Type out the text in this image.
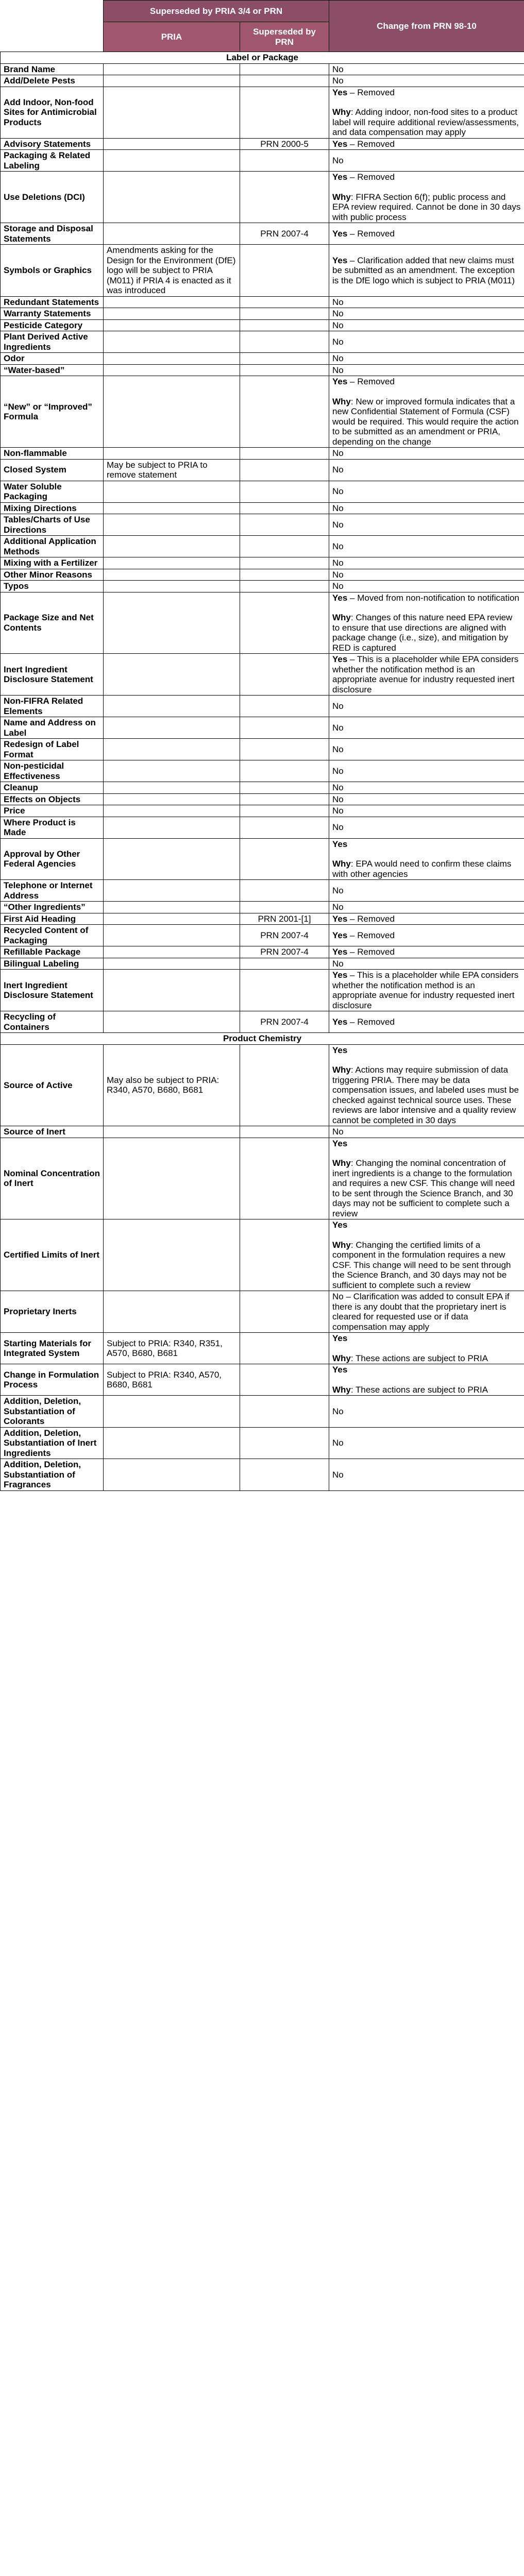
	Superseded by PRIA 3/4 or PRN		Change from PRN 98-10
	PRIA	Superseded by PRN	
Label or Package			
Brand Name			No
Add/Delete Pests			No
Add Indoor, Non-food Sites for Antimicrobial Products			Yes – Removed
Why: Adding indoor, non-food sites to a product label will require additional review/assessments, and data compensation may apply
Advisory Statements		PRN 2000-5	Yes – Removed
Packaging & Related Labeling			No
Use Deletions (DCI)			Yes – Removed
Why: FIFRA Section 6(f); public process and EPA review required. Cannot be done in 30 days with public process
Storage and Disposal Statements		PRN 2007-4	Yes – Removed
Symbols or Graphics	Amendments asking for the Design for the Environment (DfE) logo will be subject to PRIA (M011) if PRIA 4 is enacted as it was introduced		Yes – Clarification added that new claims must be submitted as an amendment. The exception is the DfE logo which is subject to PRIA (M011)
Redundant Statements			No
Warranty Statements			No
Pesticide Category			No
Plant Derived Active Ingredients			No
Odor			No
“Water-based”			No
“New” or “Improved” Formula			Yes – Removed
Why: New or improved formula indicates that a new Confidential Statement of Formula (CSF) would be required. This would require the action to be submitted as an amendment or PRIA, depending on the change
Non-flammable			No
Closed System	May be subject to PRIA to remove statement		No
Water Soluble Packaging			No
Mixing Directions			No
Tables/Charts of Use Directions			No
Additional Application Methods			No
Mixing with a Fertilizer			No
Other Minor Reasons			No
Typos			No
Package Size and Net Contents			Yes – Moved from non-notification to notification
Why: Changes of this nature need EPA review to ensure that use directions are aligned with package change (i.e., size), and mitigation by RED is captured
Inert Ingredient Disclosure Statement			Yes – This is a placeholder while EPA considers whether the notification method is an appropriate avenue for industry requested inert disclosure
Non-FIFRA Related Elements			No
Name and Address on Label			No
Redesign of Label Format			No
Non-pesticidal Effectiveness			No
Cleanup			No
Effects on Objects			No
Price			No
Where Product is Made			No
Approval by Other Federal Agencies			Yes
Why: EPA would need to confirm these claims with other agencies
Telephone or Internet Address			No
“Other Ingredients”			No
First Aid Heading		PRN 2001-[1]	Yes – Removed
Recycled Content of Packaging		PRN 2007-4	Yes – Removed
Refillable Package		PRN 2007-4	Yes – Removed
Bilingual Labeling			No
Inert Ingredient Disclosure Statement			Yes – This is a placeholder while EPA considers whether the notification method is an appropriate avenue for industry requested inert disclosure
Recycling of Containers		PRN 2007-4	Yes – Removed
Product Chemistry			
Source of Active	May also be subject to PRIA: R340, A570, B680, B681		Yes
Why: Actions may require submission of data triggering PRIA. There may be data compensation issues, and labeled uses must be checked against technical source uses. These reviews are labor intensive and a quality review cannot be completed in 30 days
Source of Inert			No
Nominal Concentration of Inert			Yes
Why: Changing the nominal concentration of inert ingredients is a change to the formulation and requires a new CSF. This change will need to be sent through the Science Branch, and 30 days may not be sufficient to complete such a review
Certified Limits of Inert			Yes
Why: Changing the certified limits of a component in the formulation requires a new CSF. This change will need to be sent through the Science Branch, and 30 days may not be sufficient to complete such a review
Proprietary Inerts			No – Clarification was added to consult EPA if there is any doubt that the proprietary inert is cleared for requested use or if data compensation may apply
Starting Materials for Integrated System	Subject to PRIA: R340, R351, A570, B680, B681		Yes
Why: These actions are subject to PRIA
Change in Formulation Process	Subject to PRIA: R340, A570, B680, B681		Yes
Why: These actions are subject to PRIA
Addition, Deletion, Substantiation of Colorants			No
Addition, Deletion, Substantiation of Inert Ingredients			No
Addition, Deletion, Substantiation of Fragrances			No
